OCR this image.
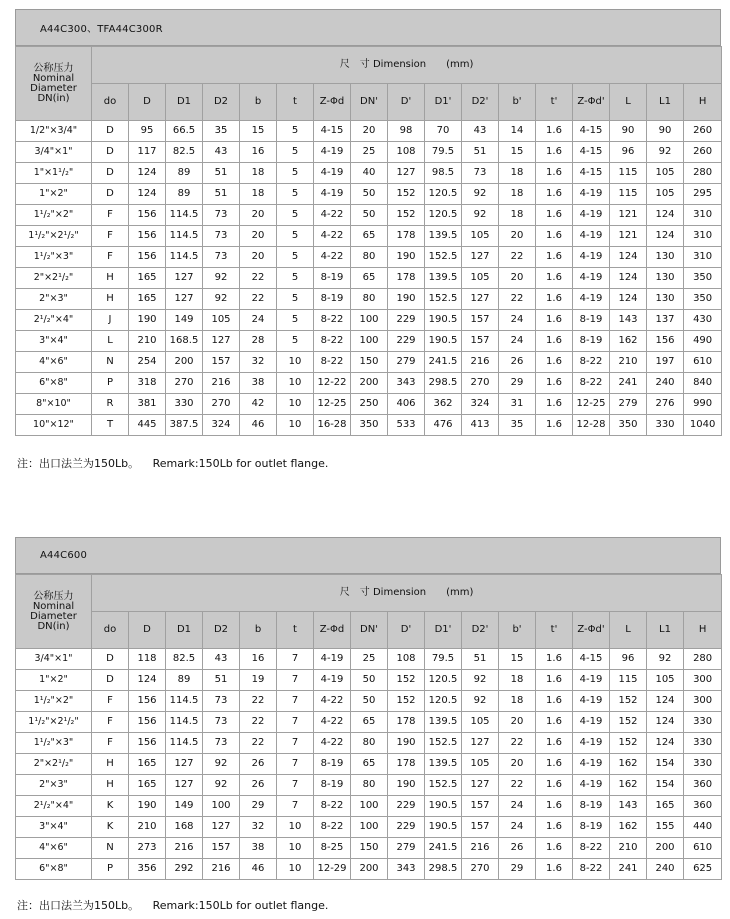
A44C300、TFA44C300R
公称压力
Nominal
Diameter
DN(in)	尺　寸 Dimension　　(mm)																
	do	D	D1	D2	b	t	Z-Φd	DN'	D'	D1'	D2'	b'	t'	Z-Φd'	L	L1	H
1/2"×3/4"	D	95	66.5	35	15	5	4-15	20	98	70	43	14	1.6	4-15	90	90	260
3/4"×1"	D	117	82.5	43	16	5	4-19	25	108	79.5	51	15	1.6	4-15	96	92	260
1"×1¹/₂"	D	124	89	51	18	5	4-19	40	127	98.5	73	18	1.6	4-15	115	105	280
1"×2"	D	124	89	51	18	5	4-19	50	152	120.5	92	18	1.6	4-19	115	105	295
1¹/₂"×2"	F	156	114.5	73	20	5	4-22	50	152	120.5	92	18	1.6	4-19	121	124	310
1¹/₂"×2¹/₂"	F	156	114.5	73	20	5	4-22	65	178	139.5	105	20	1.6	4-19	121	124	310
1¹/₂"×3"	F	156	114.5	73	20	5	4-22	80	190	152.5	127	22	1.6	4-19	124	130	310
2"×2¹/₂"	H	165	127	92	22	5	8-19	65	178	139.5	105	20	1.6	4-19	124	130	350
2"×3"	H	165	127	92	22	5	8-19	80	190	152.5	127	22	1.6	4-19	124	130	350
2¹/₂"×4"	J	190	149	105	24	5	8-22	100	229	190.5	157	24	1.6	8-19	143	137	430
3"×4"	L	210	168.5	127	28	5	8-22	100	229	190.5	157	24	1.6	8-19	162	156	490
4"×6"	N	254	200	157	32	10	8-22	150	279	241.5	216	26	1.6	8-22	210	197	610
6"×8"	P	318	270	216	38	10	12-22	200	343	298.5	270	29	1.6	8-22	241	240	840
8"×10"	R	381	330	270	42	10	12-25	250	406	362	324	31	1.6	12-25	279	276	990
10"×12"	T	445	387.5	324	46	10	16-28	350	533	476	413	35	1.6	12-28	350	330	1040
注：出口法兰为150Lb。 Remark:150Lb for outlet flange.
A44C600
公称压力
Nominal
Diameter
DN(in)	尺　寸 Dimension　　(mm)																
	do	D	D1	D2	b	t	Z-Φd	DN'	D'	D1'	D2'	b'	t'	Z-Φd'	L	L1	H
3/4"×1"	D	118	82.5	43	16	7	4-19	25	108	79.5	51	15	1.6	4-15	96	92	280
1"×2"	D	124	89	51	19	7	4-19	50	152	120.5	92	18	1.6	4-19	115	105	300
1¹/₂"×2"	F	156	114.5	73	22	7	4-22	50	152	120.5	92	18	1.6	4-19	152	124	300
1¹/₂"×2¹/₂"	F	156	114.5	73	22	7	4-22	65	178	139.5	105	20	1.6	4-19	152	124	330
1¹/₂"×3"	F	156	114.5	73	22	7	4-22	80	190	152.5	127	22	1.6	4-19	152	124	330
2"×2¹/₂"	H	165	127	92	26	7	8-19	65	178	139.5	105	20	1.6	4-19	162	154	330
2"×3"	H	165	127	92	26	7	8-19	80	190	152.5	127	22	1.6	4-19	162	154	360
2¹/₂"×4"	K	190	149	100	29	7	8-22	100	229	190.5	157	24	1.6	8-19	143	165	360
3"×4"	K	210	168	127	32	10	8-22	100	229	190.5	157	24	1.6	8-19	162	155	440
4"×6"	N	273	216	157	38	10	8-25	150	279	241.5	216	26	1.6	8-22	210	200	610
6"×8"	P	356	292	216	46	10	12-29	200	343	298.5	270	29	1.6	8-22	241	240	625
注：出口法兰为150Lb。 Remark:150Lb for outlet flange.
